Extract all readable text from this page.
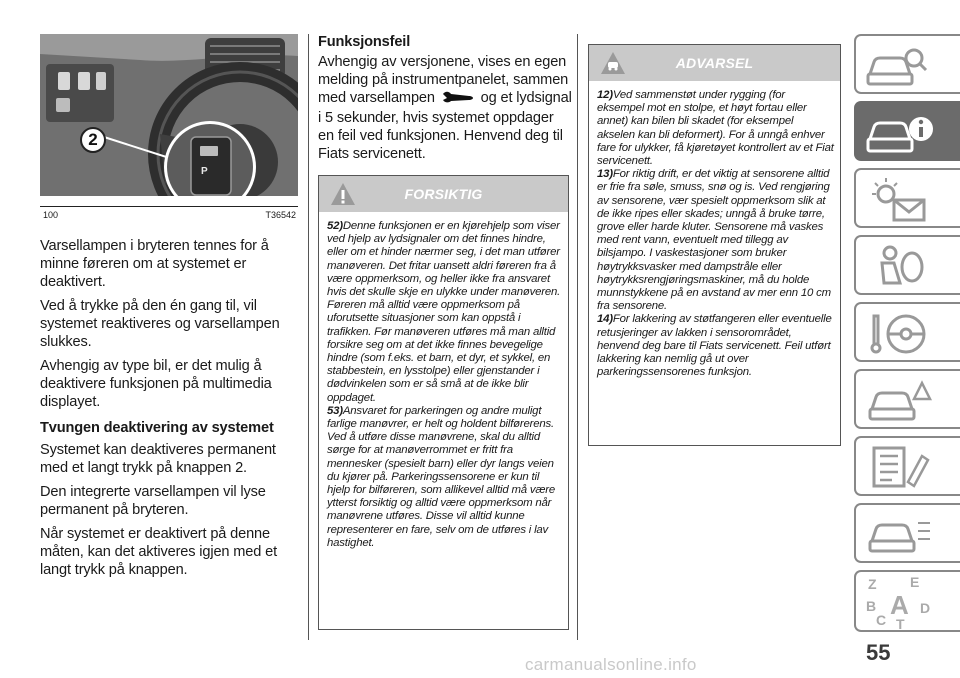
2
P
100	T36542

Varsellampen i bryteren tennes for å minne føreren om at systemet er deaktivert.

Ved å trykke på den én gang til, vil systemet reaktiveres og varsellampen slukkes.

Avhengig av type bil, er det mulig å deaktivere funksjonen på multimedia displayet.

Tvungen deaktivering av systemet

Systemet kan deaktiveres permanent med et langt trykk på knappen 2.

Den integrerte varsellampen vil lyse permanent på bryteren.

Når systemet er deaktivert på denne måten, kan det aktiveres igjen med et langt trykk på knappen.

Funksjonsfeil

Avhengig av versjonene, vises en egen melding på instrumentpanelet, sammen med varsellampen	og et lydsignal i 5 sekunder, hvis systemet oppdager en feil ved funksjonen. Henvend deg til Fiats servicenett.

FORSIKTIG
52)Denne funksjonen er en kjørehjelp som viser ved hjelp av lydsignaler om det finnes hindre, eller om et hinder nærmer seg, i det man utfører manøveren. Det fritar uansett aldri føreren fra å være oppmerksom, og heller ikke fra ansvaret hvis det skulle skje en ulykke under manøveren. Føreren må alltid være oppmerksom på uforutsette situasjoner som kan oppstå i trafikken. Før manøveren utføres må man alltid forsikre seg om at det ikke finnes bevegelige hindre (som f.eks. et barn, et dyr, et sykkel, en stabbestein, en lysstolpe) eller gjenstander i dødvinkelen som er så små at de ikke blir oppdaget.
53)Ansvaret for parkeringen og andre muligt farlige manøvrer, er helt og holdent bilførerens. Ved å utføre disse manøvrene, skal du alltid sørge for at manøverrommet er fritt fra mennesker (spesielt barn) eller dyr langs veien du kjører på. Parkeringssensorene er kun til hjelp for bilføreren, som allikevel alltid må være ytterst forsiktig og alltid være oppmerksom når manøvrene utføres. Disse vil alltid kunne representerer en fare, selv om de utføres i lav hastighet.
ADVARSEL
12)Ved sammenstøt under rygging (for eksempel mot en stolpe, et høyt fortau eller annet) kan bilen bli skadet (for eksempel akselen kan bli deformert). For å unngå enhver fare for ulykker, få kjøretøyet kontrollert av et Fiat servicenett.
13)For riktig drift, er det viktig at sensorene alltid er frie fra søle, smuss, snø og is. Ved rengjøring av sensorene, vær spesielt oppmerksom slik at de ikke ripes eller skades; unngå å bruke tørre, grove eller harde kluter. Sensorene må vaskes med rent vann, eventuelt med tillegg av bilsjampo. I vaskestasjoner som bruker høytrykksvasker med dampstråle eller høytrykksrengjøringsmaskiner, må du holde munnstykkene på en avstand av mer enn 10 cm fra sensorene.
14)For lakkering av støtfangeren eller eventuelle retusjeringer av lakken i sensorområdet, henvend deg bare til Fiats servicenett. Feil utført lakkering kan nemlig gå ut over parkeringssensorenes funksjon.
Z E
B A
C
D
T
55
carmanualsonline.info
